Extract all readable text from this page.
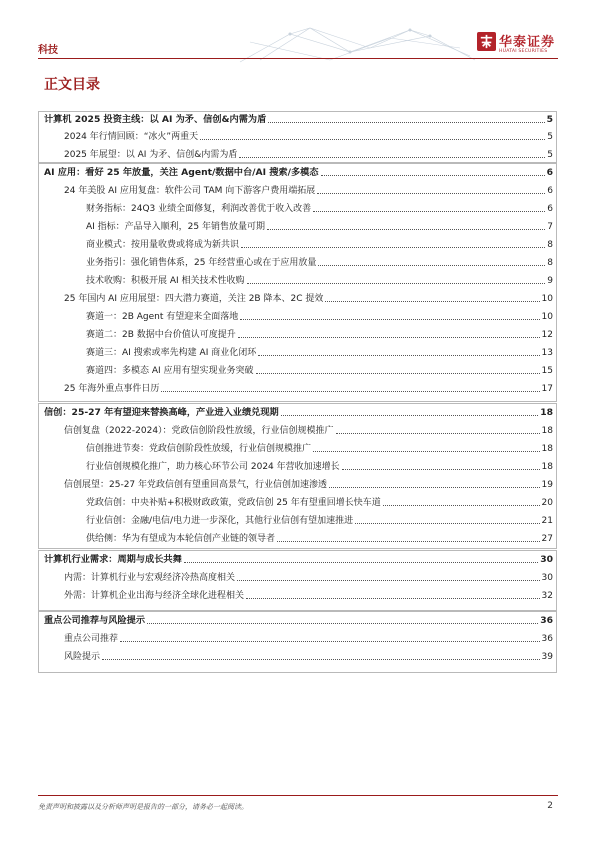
科技
华泰证券
HUATAI SECURITIES
正文目录
计算机 2025 投资主线：以 AI 为矛、信创&内需为盾	5
2024 年行情回顾：“冰火”两重天	5
2025 年展望：以 AI 为矛、信创&内需为盾	5
AI 应用：看好 25 年放量，关注 Agent/数据中台/AI 搜索/多模态	6
24 年美股 AI 应用复盘：软件公司 TAM 向下游客户费用端拓展	6
财务指标：24Q3 业绩全面修复，利润改善优于收入改善	6
AI 指标：产品导入顺利，25 年销售放量可期	7
商业模式：按用量收费或将成为新共识	8
业务指引：强化销售体系，25 年经营重心或在于应用放量	8
技术收购：积极开展 AI 相关技术性收购	9
25 年国内 AI 应用展望：四大潜力赛道，关注 2B 降本、2C 提效	10
赛道一：2B Agent 有望迎来全面落地	10
赛道二：2B 数据中台价值认可度提升	12
赛道三：AI 搜索或率先构建 AI 商业化闭环	13
赛道四：多模态 AI 应用有望实现业务突破	15
25 年海外重点事件日历	17
信创：25-27 年有望迎来替换高峰，产业进入业绩兑现期	18
信创复盘（2022-2024）：党政信创阶段性放缓，行业信创规模推广	18
信创推进节奏：党政信创阶段性放缓，行业信创规模推广	18
行业信创规模化推广，助力核心环节公司 2024 年营收加速增长	18
信创展望：25-27 年党政信创有望重回高景气，行业信创加速渗透	19
党政信创：中央补贴+积极财政政策，党政信创 25 年有望重回增长快车道	20
行业信创：金融/电信/电力进一步深化，其他行业信创有望加速推进	21
供给侧：华为有望成为本轮信创产业链的领导者	27
计算机行业需求：周期与成长共舞	30
内需：计算机行业与宏观经济冷热高度相关	30
外需：计算机企业出海与经济全球化进程相关	32
重点公司推荐与风险提示	36
重点公司推荐	36
风险提示	39
免责声明和披露以及分析师声明是报告的一部分，请务必一起阅读。	2
